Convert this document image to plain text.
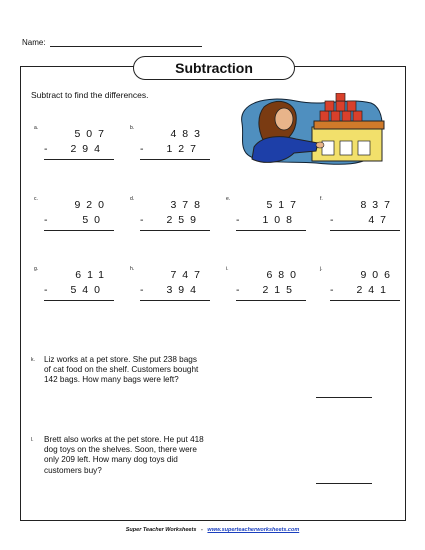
Name:
Subtraction
Subtract to find the differences.
a.	507
- 294
b.	483
- 127
c.	920
-	50
d.	378
- 259
e.	517
- 108
f.	837
-	47
g.	611
- 540
h.	747
- 394
i.	680
- 215
j.	906
- 241
k. Liz works at a pet store. She put 238 bags of cat food on the shelf. Customers bought 142 bags. How many bags were left?
l. Brett also works at the pet store. He put 418 dog toys on the shelves. Soon, there were only 209 left. How many dog toys did customers buy?
Super Teacher Worksheets - www.superteacherworksheets.com
